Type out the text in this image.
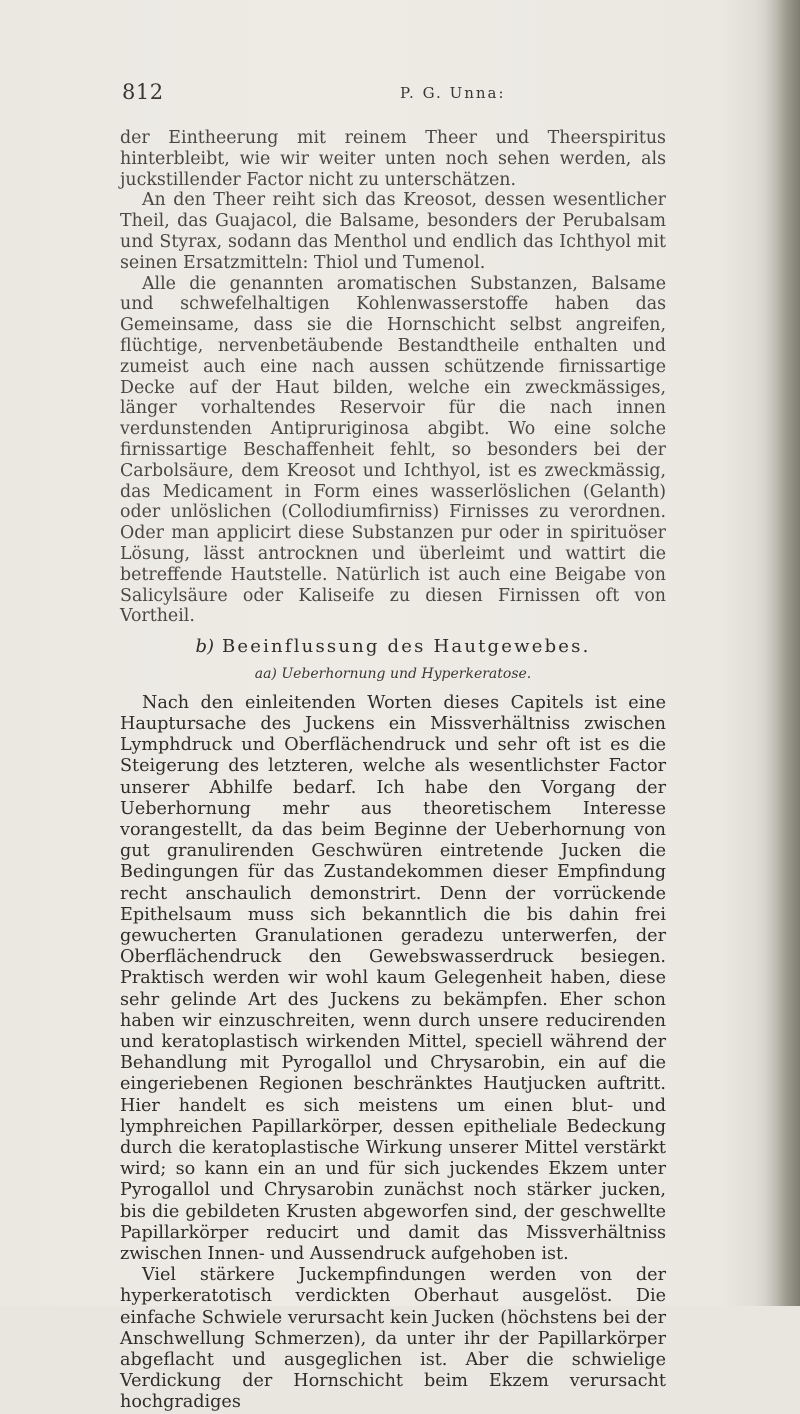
812	P. G. Unna:

der Eintheerung mit reinem Theer und Theerspiritus hinterbleibt, wie wir weiter unten noch sehen werden, als juckstillender Factor nicht zu unterschätzen.

An den Theer reiht sich das Kreosot, dessen wesentlicher Theil, das Guajacol, die Balsame, besonders der Perubalsam und Styrax, sodann das Menthol und endlich das Ichthyol mit seinen Ersatzmitteln: Thiol und Tumenol.

Alle die genannten aromatischen Substanzen, Balsame und schwefelhaltigen Kohlenwasserstoffe haben das Gemeinsame, dass sie die Hornschicht selbst angreifen, flüchtige, nervenbetäubende Bestandtheile enthalten und zumeist auch eine nach aussen schützende firnissartige Decke auf der Haut bilden, welche ein zweckmässiges, länger vorhaltendes Reservoir für die nach innen verdunstenden Antipruriginosa abgibt. Wo eine solche firnissartige Beschaffenheit fehlt, so besonders bei der Carbolsäure, dem Kreosot und Ichthyol, ist es zweckmässig, das Medicament in Form eines wasserlöslichen (Gelanth) oder unlöslichen (Collodiumfirniss) Firnisses zu verordnen. Oder man applicirt diese Substanzen pur oder in spirituöser Lösung, lässt antrocknen und überleimt und wattirt die betreffende Hautstelle. Natürlich ist auch eine Beigabe von Salicylsäure oder Kaliseife zu diesen Firnissen oft von Vortheil.

b) Beeinflussung des Hautgewebes.
aa) Ueberhornung und Hyperkeratose.

Nach den einleitenden Worten dieses Capitels ist eine Hauptursache des Juckens ein Missverhältniss zwischen Lymphdruck und Oberflächendruck und sehr oft ist es die Steigerung des letzteren, welche als wesentlichster Factor unserer Abhilfe bedarf. Ich habe den Vorgang der Ueberhornung mehr aus theoretischem Interesse vorangestellt, da das beim Beginne der Ueberhornung von gut granulirenden Geschwüren eintretende Jucken die Bedingungen für das Zustandekommen dieser Empfindung recht anschaulich demonstrirt. Denn der vorrückende Epithelsaum muss sich bekanntlich die bis dahin frei gewucherten Granulationen geradezu unterwerfen, der Oberflächendruck den Gewebswasserdruck besiegen. Praktisch werden wir wohl kaum Gelegenheit haben, diese sehr gelinde Art des Juckens zu bekämpfen. Eher schon haben wir einzuschreiten, wenn durch unsere reducirenden und keratoplastisch wirkenden Mittel, speciell während der Behandlung mit Pyrogallol und Chrysarobin, ein auf die eingeriebenen Regionen beschränktes Hautjucken auftritt. Hier handelt es sich meistens um einen blut- und lymphreichen Papillarkörper, dessen epitheliale Bedeckung durch die keratoplastische Wirkung unserer Mittel verstärkt wird; so kann ein an und für sich juckendes Ekzem unter Pyrogallol und Chrysarobin zunächst noch stärker jucken, bis die gebildeten Krusten abgeworfen sind, der geschwellte Papillarkörper reducirt und damit das Missverhältniss zwischen Innen- und Aussendruck aufgehoben ist.

Viel stärkere Juckempfindungen werden von der hyperkeratotisch verdickten Oberhaut ausgelöst. Die einfache Schwiele verursacht kein Jucken (höchstens bei der Anschwellung Schmerzen), da unter ihr der Papillarkörper abgeflacht und ausgeglichen ist. Aber die schwielige Verdickung der Hornschicht beim Ekzem verursacht hochgradiges
